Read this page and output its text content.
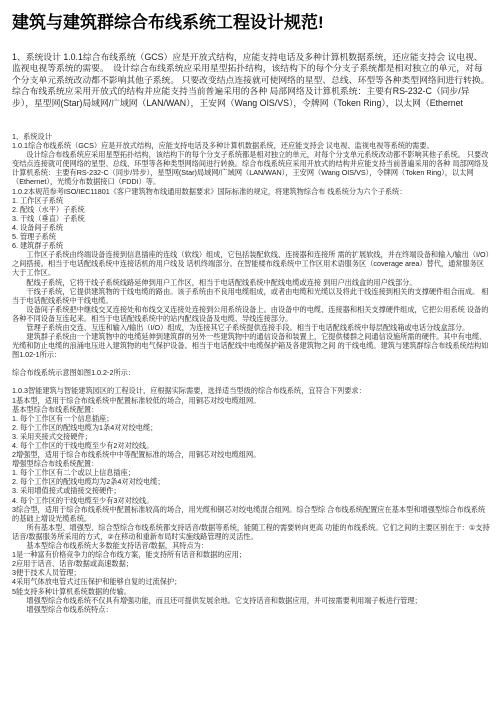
建筑与建筑群综合布线系统工程设计规范!
1、系统设计 1.0.1综合布线系统（GCS）应是开放式结构，应能支持电话及多种计算机数据系统，还应能支持会 议电视、监视电视等系统的需要。　设计综合布线系统应采用星型拓扑结构，该结构下的每个分支子系统都是相对独立的单元，对每个分支单元系统改动都不影响其他子系统。 只要改变结点连接就可使网络的星型、总线、环型等各种类型网络间进行转换。综合布线系统应采用开放式的结构并应能支持当前普遍采用的各种 局部网络及计算机系统：主要有RS-232-C（同步/异步），星型网(Star)局域网/广域网（LAN/WAN），王安网（Wang OIS/VS），令牌网（Token Ring），以太网（Ethernet

1、系统设计

1.0.1综合布线系统（GCS）应是开放式结构，应能支持电话及多种计算机数据系统，还应能支持会 议电视、监视电视等系统的需要。

　　设计综合布线系统应采用星型拓扑结构，该结构下的每个分支子系统都是相对独立的单元，对每个分支单元系统改动都不影响其他子系统。 只要改变结点连接就可使网络的星型、总线、环型等各种类型网络间进行转换。综合布线系统应采用开放式的结构并应能支持当前普遍采用的各种 局部网络及计算机系统：主要有RS-232-C（同步/异步），星型网(Star)局域网/广域网（LAN/WAN），王安网（Wang OIS/VS），令牌网（Token Ring），以太网（Ethernet），光缆分布数据接口（FDDI）等。

1.0.2本规范参考ISO/IEC11801《客户建筑物布线通用数据要求》国际标准的规定，将建筑物综合布 线系统分为六个子系统：

1. 工作区子系统

2. 配线（水平）子系统

3. 干线（垂直）子系统

4. 设备间子系统

5. 管理子系统

6. 建筑群子系统

　　工作区子系统由终端设备连接到信息插座的连线（软线）组成，它包括装配软线、连接器和连接所 需的扩展软线，并在终端设备和输入/输出（I/O）之间搭接。相当于电话配线系统中连接话机的用户线及 话机终端部分。在智能楼布线系统中工作区用术语服务区（coverage area）替代，通常服务区大于工作区。

　　配线子系统，它将干线子系统线路延伸到用户工作区，相当于电话配线系统中配线电缆或连接 到用户出线盒的用户线部分。

　　干线子系统，它提供建筑物的干线电缆的路由。该子系统由不良用电缆组成，或者由电缆和光缆以及将此干线连接到相关的支撑硬件组合而成。 相当于电话配线系统中干线电缆。

　　设备间子系统把中继线交叉连接处和布线交叉连接处连接到公用系统设备上。由设备中的电缆、连接器和相关支撑硬件组成，它把公用系统 设备的各种不同设备互连起来。相当于电话配线系统中的站内配线设备及电缆、导线连接部分。

　　管理子系统由交连、互连和输入/输出（I/O）组成，为连接其它子系统提供连接手段。相当于电话配线系统中每层配线箱或电话分线盒部分。

　　建筑群子系统由一个建筑物中的电缆延伸到建筑群的另外一些建筑物中的通信设备和装置上，它提供楼群之间通信设施所需的硬件。其中有电缆、光缆和防止电缆的浪涌电压进入建筑物的电气保护设备。相当于电话配线中电缆保护箱及各建筑物之间 的干线电缆。建筑与建筑群综合布线系统结构如图1.02-1所示：

综合布线系统示意图如图1.0.2-2所示：

1.0.3智能建筑与智能建筑园区的工程设计，应根据实际需要，选择适当型级的综合布线系统，宜符合下列要求：

1基本型，适用于综合布线系统中配置标准较低的场合，用铜芯对绞电缆组网。

基本型综合布线系统配置：

1. 每个工作区有一个信息插座；

2. 每个工作区的配线电缆为1条4对对绞电缆；

3. 采用夹接式交接硬件；

4. 每个工作区的干线电缆至少有2对对绞线。

2增强型，适用于综合布线系统中中等配置标准的场合，用铜芯对绞电缆组网。

增强型综合布线系统配置：

1. 每个工作区有二个或以上信息插座；

2. 每个工作区的配线电缆均为2条4对对绞电缆；

3. 采用增值接式或插接交接硬件；

4. 每个工作区的干线电缆至少有3对对绞线。

3综合型，适用于综合布线系统中配置标准较高的场合，用光缆和铜芯对绞电缆混合组网。综合型综 合布线系统配置应在基本型和增强型综合布线系统的基础上增设光缆系统。

　　所有基本型、增强型、综合型综合布线系统都支持话音/数据等系统，能随工程的需要转向更高 功能的布线系统。它们之间的主要区别在于：①支持话音/数据服务所采用的方式，②在移动和重新布局时实施线路管理的灵活性。

　　基本型综合布线系统大多数能支持话音/数据，其特点为：

1是一种富有价格竞争力的综合布线方案，能支持所有话音和数据的应用；

2应用于话音、话音/数据或高速数据；

3便于技术人员管理；

4采用气体放电管式过压保护和能够自复的过流保护；

5能支持多种计算机系统数据的传输。

　　增强型综合布线系统不仅具有增强功能，而且还可提供发展余地。它支持话音和数据应用，并可按需要利用端子板进行管理；

　　增强型综合布线系统特点：
